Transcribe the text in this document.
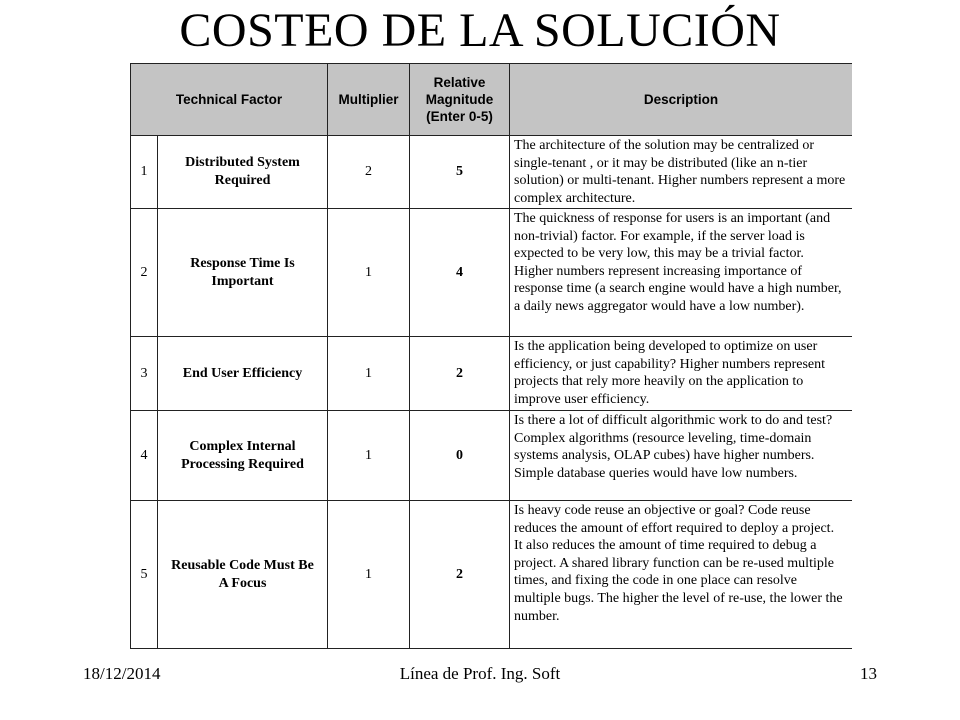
COSTEO DE LA SOLUCIÓN
Technical Factor		Multiplier	Relative Magnitude (Enter 0-5)	Description
1	Distributed System Required	2	5	The architecture of the solution may be centralized or single-tenant , or it may be distributed (like an n-tier solution) or multi-tenant. Higher numbers represent a more complex architecture.
2	Response Time Is Important	1	4	The quickness of response for users is an important (and non-trivial) factor. For example, if the server load is expected to be very low, this may be a trivial factor. Higher numbers represent increasing importance of response time (a search engine would have a high number, a daily news aggregator would have a low number).
3	End User Efficiency	1	2	Is the application being developed to optimize on user efficiency, or just capability? Higher numbers represent projects that rely more heavily on the application to improve user efficiency.
4	Complex Internal Processing Required	1	0	Is there a lot of difficult algorithmic work to do and test? Complex algorithms (resource leveling, time-domain systems analysis, OLAP cubes) have higher numbers. Simple database queries would have low numbers.
5	Reusable Code Must Be A Focus	1	2	Is heavy code reuse an objective or goal? Code reuse reduces the amount of effort required to deploy a project. It also reduces the amount of time required to debug a project. A shared library function can be re-used multiple times, and fixing the code in one place can resolve multiple bugs. The higher the level of re-use, the lower the number.
18/12/2014	Línea de Prof. Ing. Soft	13
